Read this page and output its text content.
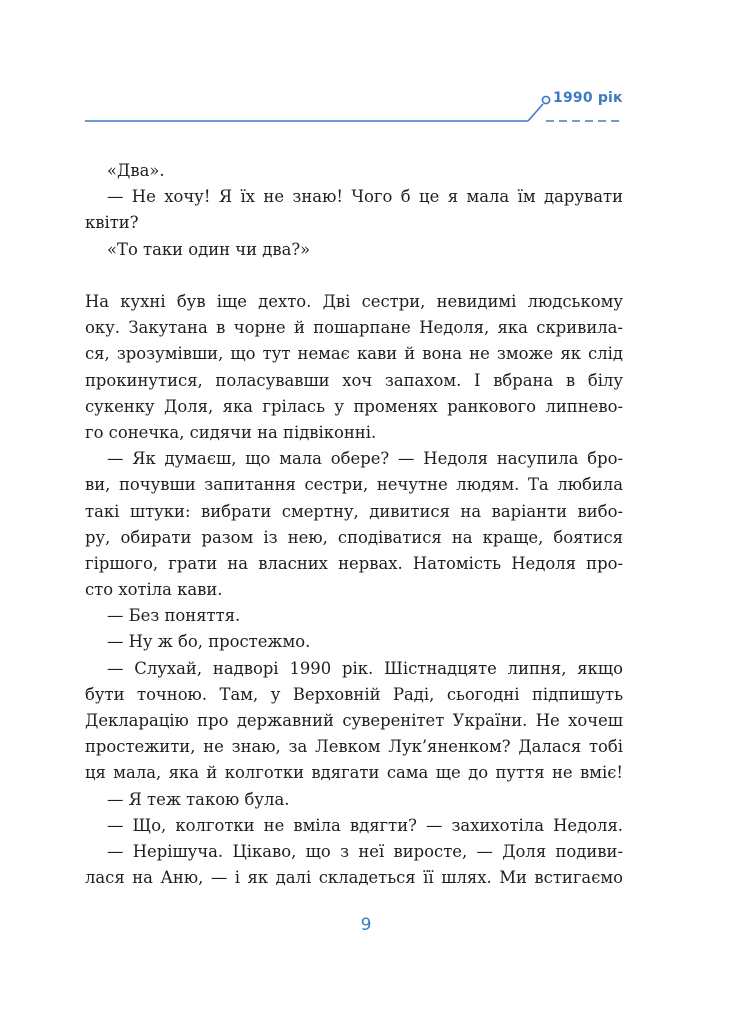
1990 рік
«Два».
— Не хочу! Я їх не знаю! Чого б це я мала їм дарувати
квіти?
«То таки один чи два?»
На кухні був іще дехто. Дві сестри, невидимі людському
оку. Закутана в чорне й пошарпане Недоля, яка скривила-
ся, зрозумівши, що тут немає кави й вона не зможе як слід
прокинутися, поласувавши хоч запахом. І вбрана в білу
сукенку Доля, яка грілась у променях ранкового липнево-
го сонечка, сидячи на підвіконні.
— Як думаєш, що мала обере? — Недоля насупила бро-
ви, почувши запитання сестри, нечутне людям. Та любила
такі штуки: вибрати смертну, дивитися на варіанти вибо-
ру, обирати разом із нею, сподіватися на краще, боятися
гіршого, грати на власних нервах. Натомість Недоля про-
сто хотіла кави.
— Без поняття.
— Ну ж бо, простежмо.
— Слухай, надворі 1990 рік. Шістнадцяте липня, якщо
бути точною. Там, у Верховній Раді, сьогодні підпишуть
Декларацію про державний суверенітет України. Не хочеш
простежити, не знаю, за Левком Лук’яненком? Далася тобі
ця мала, яка й колготки вдягати сама ще до пуття не вміє!
— Я теж такою була.
— Що, колготки не вміла вдягти? — захихотіла Недоля.
— Нерішуча. Цікаво, що з неї виросте, — Доля подиви-
лася на Аню, — і як далі складеться її шлях. Ми встигаємо
9
